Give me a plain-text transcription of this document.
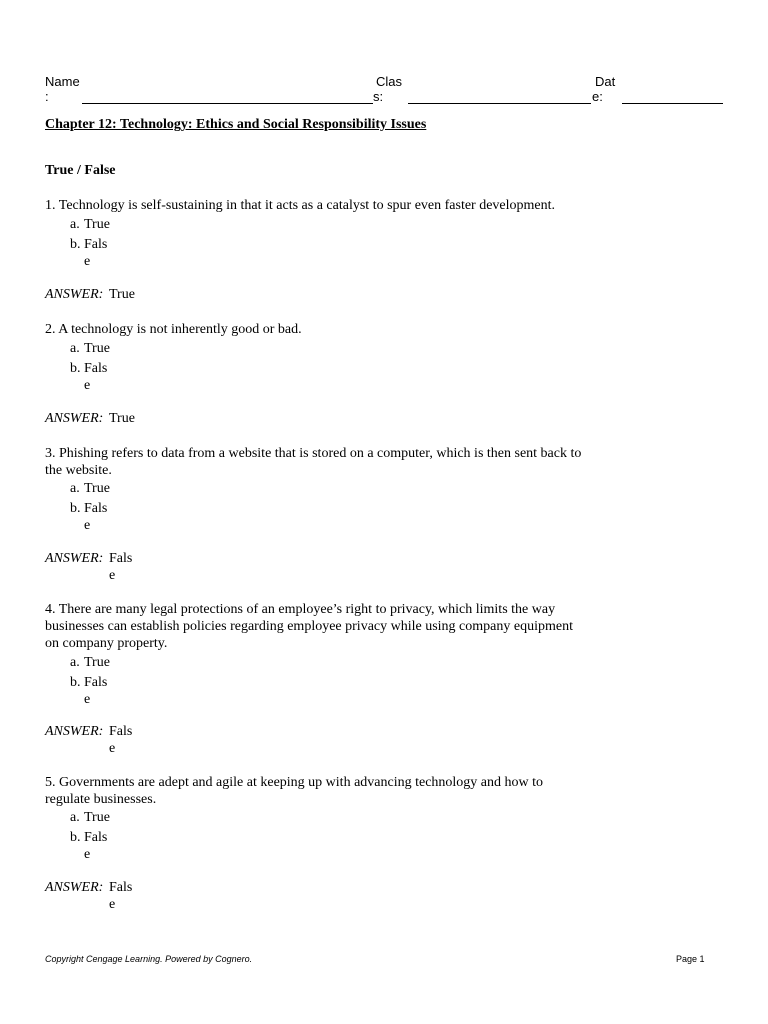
Name
:
Clas
s:
Dat
e:
Chapter 12: Technology: Ethics and Social Responsibility Issues
True / False

1. Technology is self-sustaining in that it acts as a catalyst to spur even faster development.

a. True
b. Fals e
ANSWER: True

2. A technology is not inherently good or bad.

a. True
b. Fals e
ANSWER: True

3. Phishing refers to data from a website that is stored on a computer, which is then sent back to the website.

a. True
b. Fals e
ANSWER: Fals e

4. There are many legal protections of an employee’s right to privacy, which limits the way businesses can establish policies regarding employee privacy while using company equipment on company property.

a. True
b. Fals e
ANSWER: Fals e

5. Governments are adept and agile at keeping up with advancing technology and how to regulate businesses.

a. True
b. Fals e
ANSWER: Fals e
Copyright Cengage Learning. Powered by Cognero.	Page 1
